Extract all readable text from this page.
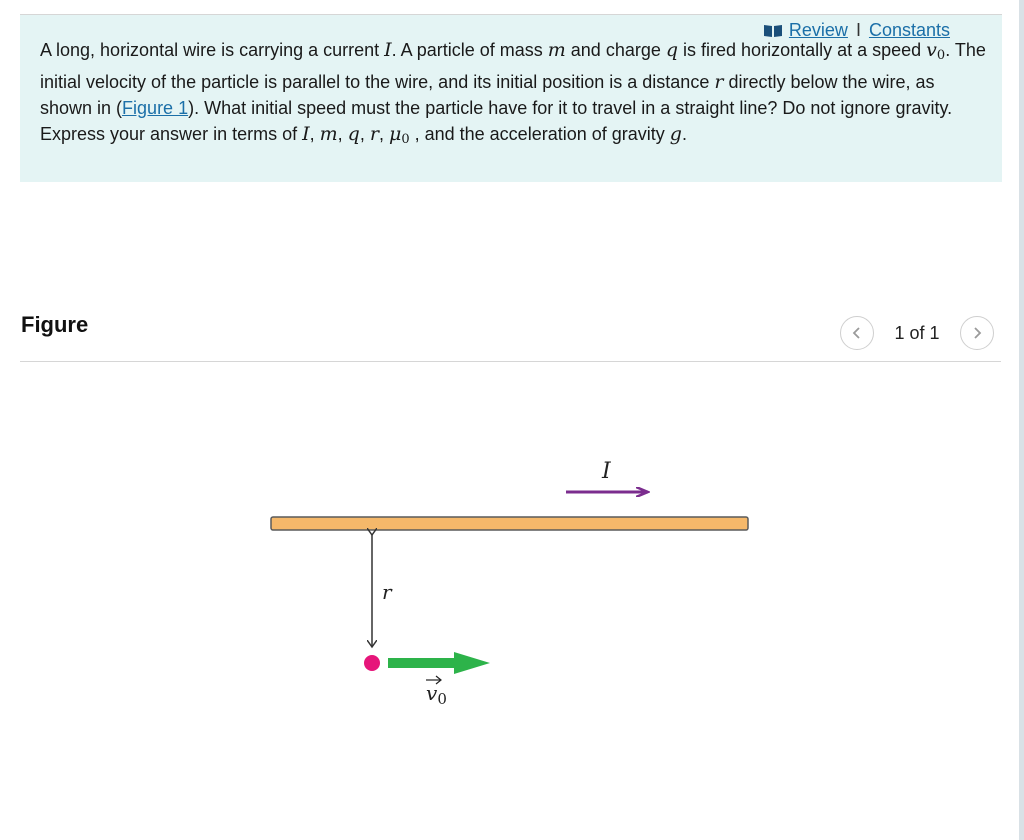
Review I Constants
A long, horizontal wire is carrying a current I. A particle of mass m and charge q is fired horizontally at a speed $v_0$. The initial velocity of the particle is parallel to the wire, and its initial position is a distance r directly below the wire, as shown in (Figure 1). What initial speed must the particle have for it to travel in a straight line? Do not ignore gravity. Express your answer in terms of I, m, q, r, $\mu_0$ , and the acceleration of gravity g.
Figure	1 of 1
I
r
$v_0$
